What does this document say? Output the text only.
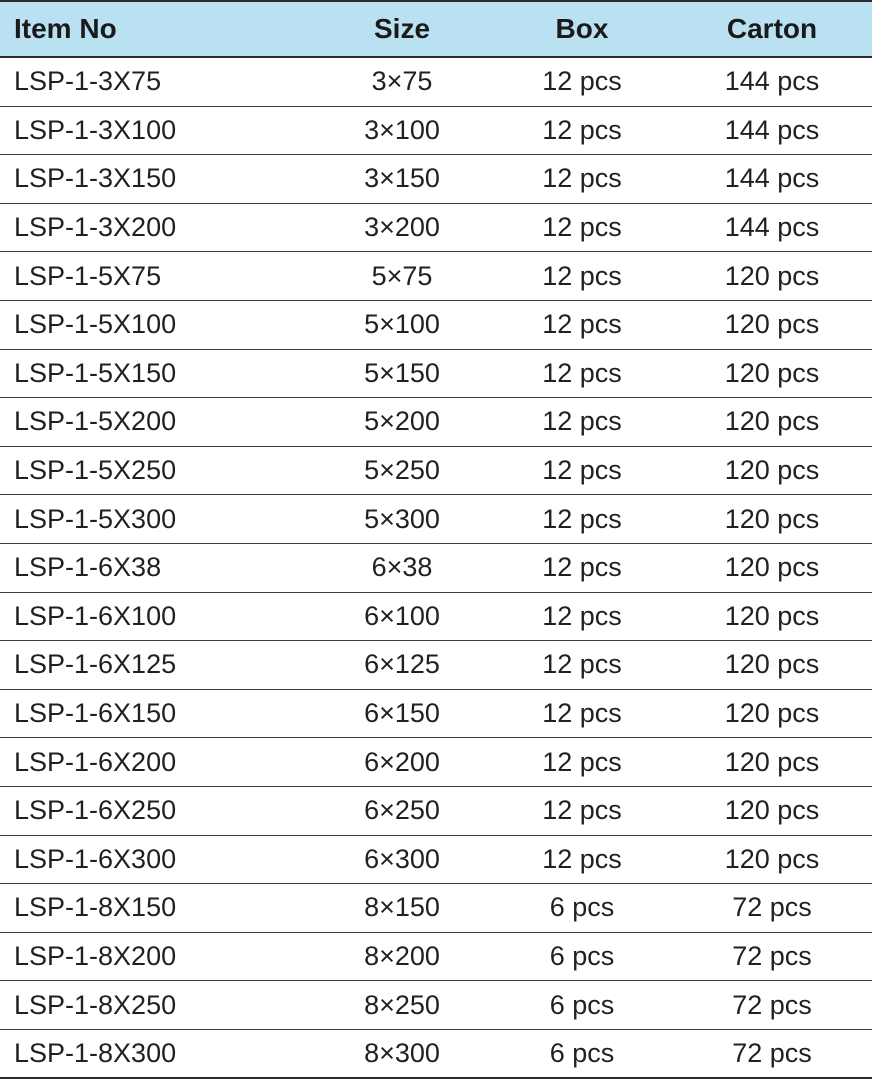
Item No	Size	Box	Carton
LSP-1-3X75	3×75	12 pcs	144 pcs
LSP-1-3X100	3×100	12 pcs	144 pcs
LSP-1-3X150	3×150	12 pcs	144 pcs
LSP-1-3X200	3×200	12 pcs	144 pcs
LSP-1-5X75	5×75	12 pcs	120 pcs
LSP-1-5X100	5×100	12 pcs	120 pcs
LSP-1-5X150	5×150	12 pcs	120 pcs
LSP-1-5X200	5×200	12 pcs	120 pcs
LSP-1-5X250	5×250	12 pcs	120 pcs
LSP-1-5X300	5×300	12 pcs	120 pcs
LSP-1-6X38	6×38	12 pcs	120 pcs
LSP-1-6X100	6×100	12 pcs	120 pcs
LSP-1-6X125	6×125	12 pcs	120 pcs
LSP-1-6X150	6×150	12 pcs	120 pcs
LSP-1-6X200	6×200	12 pcs	120 pcs
LSP-1-6X250	6×250	12 pcs	120 pcs
LSP-1-6X300	6×300	12 pcs	120 pcs
LSP-1-8X150	8×150	6 pcs	72 pcs
LSP-1-8X200	8×200	6 pcs	72 pcs
LSP-1-8X250	8×250	6 pcs	72 pcs
LSP-1-8X300	8×300	6 pcs	72 pcs
